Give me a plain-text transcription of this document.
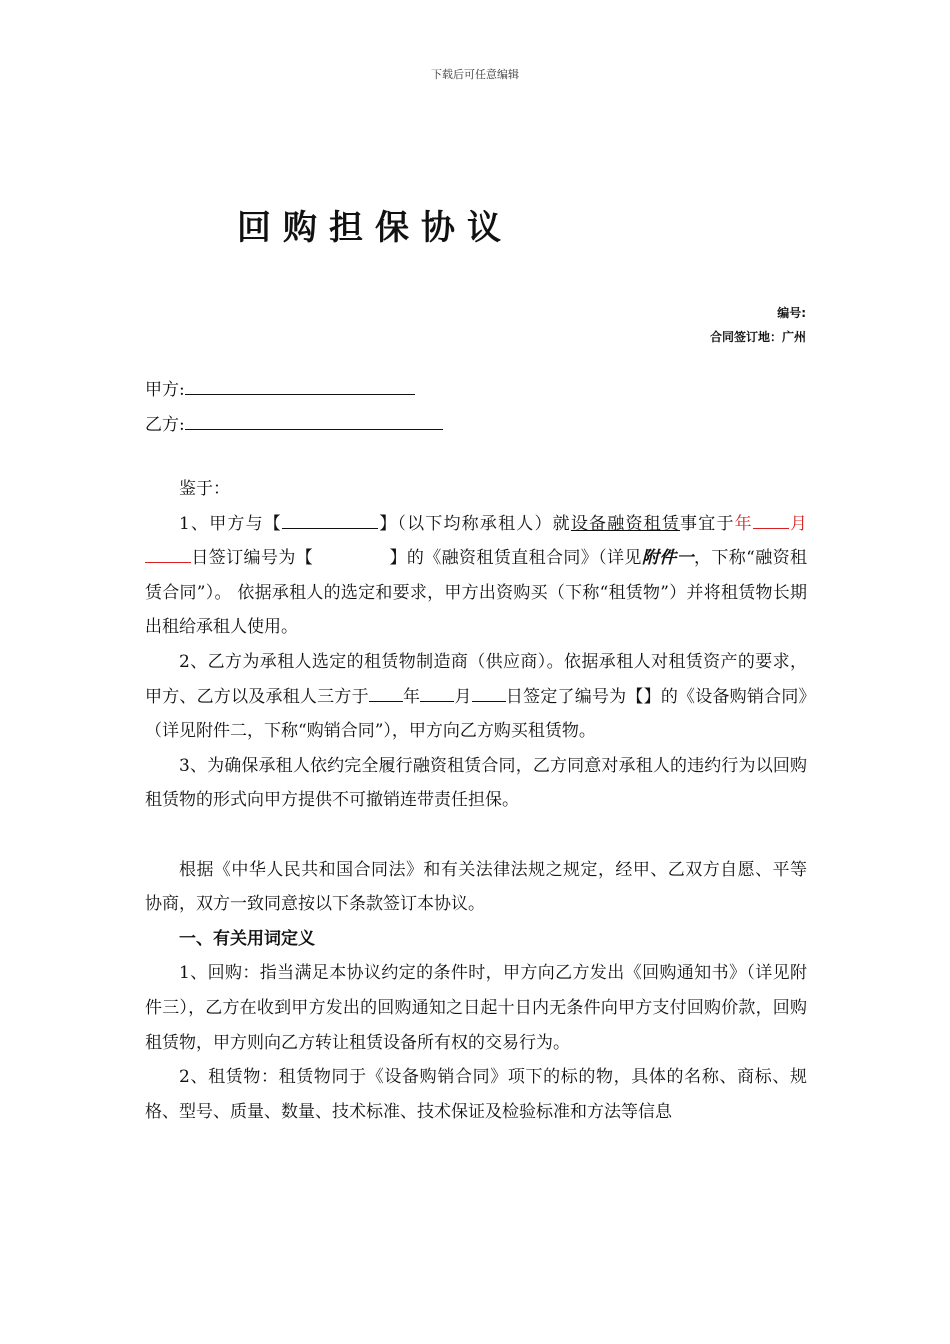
下载后可任意编辑
回购担保协议
编号:
合同签订地：广州
甲方:
乙方:

鉴于：

1、甲方与【	】（以下均称承租人）就设备融资租赁事宜于年 月日签订编号为【	】的《融资租赁直租合同》（详见附件一，下称“融资租赁合同”）。 依据承租人的选定和要求，甲方出资购买（下称“租赁物”）并将租赁物长期出租给承租人使用。

2、乙方为承租人选定的租赁物制造商（供应商）。依据承租人对租赁资产的要求，甲方、乙方以及承租人三方于 年 月 日签定了编号为【】的《设备购销合同》（详见附件二，下称“购销合同”），甲方向乙方购买租赁物。

3、为确保承租人依约完全履行融资租赁合同，乙方同意对承租人的违约行为以回购租赁物的形式向甲方提供不可撤销连带责任担保。

根据《中华人民共和国合同法》和有关法律法规之规定，经甲、乙双方自愿、平等协商，双方一致同意按以下条款签订本协议。

一、有关用词定义

1、回购：指当满足本协议约定的条件时，甲方向乙方发出《回购通知书》（详见附件三），乙方在收到甲方发出的回购通知之日起十日内无条件向甲方支付回购价款，回购租赁物，甲方则向乙方转让租赁设备所有权的交易行为。

2、租赁物：租赁物同于《设备购销合同》项下的标的物，具体的名称、商标、规格、型号、质量、数量、技术标准、技术保证及检验标准和方法等信息
